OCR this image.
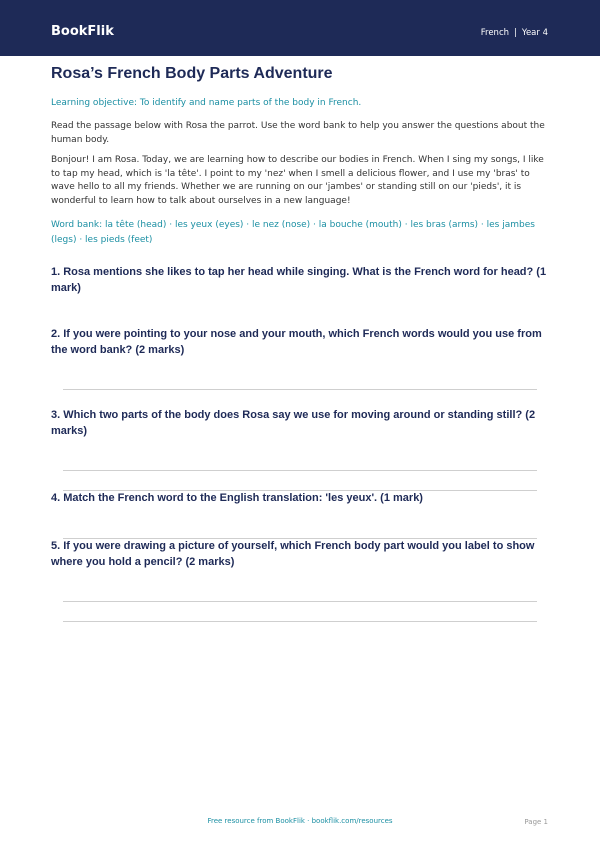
BookFlik	French | Year 4
Rosa’s French Body Parts Adventure

Learning objective: To identify and name parts of the body in French.

Read the passage below with Rosa the parrot. Use the word bank to help you answer the questions about the human body.

Bonjour! I am Rosa. Today, we are learning how to describe our bodies in French. When I sing my songs, I like to tap my head, which is 'la tête'. I point to my 'nez' when I smell a delicious flower, and I use my 'bras' to wave hello to all my friends. Whether we are running on our 'jambes' or standing still on our 'pieds', it is wonderful to learn how to talk about ourselves in a new language!

Word bank: la tête (head) · les yeux (eyes) · le nez (nose) · la bouche (mouth) · les bras (arms) · les jambes (legs) · les pieds (feet)

1. Rosa mentions she likes to tap her head while singing. What is the French word for head? (1 mark)

2. If you were pointing to your nose and your mouth, which French words would you use from the word bank? (2 marks)

3. Which two parts of the body does Rosa say we use for moving around or standing still? (2 marks)

4. Match the French word to the English translation: 'les yeux'. (1 mark)

5. If you were drawing a picture of yourself, which French body part would you label to show where you hold a pencil? (2 marks)

Free resource from BookFlik · bookflik.com/resources	Page 1
